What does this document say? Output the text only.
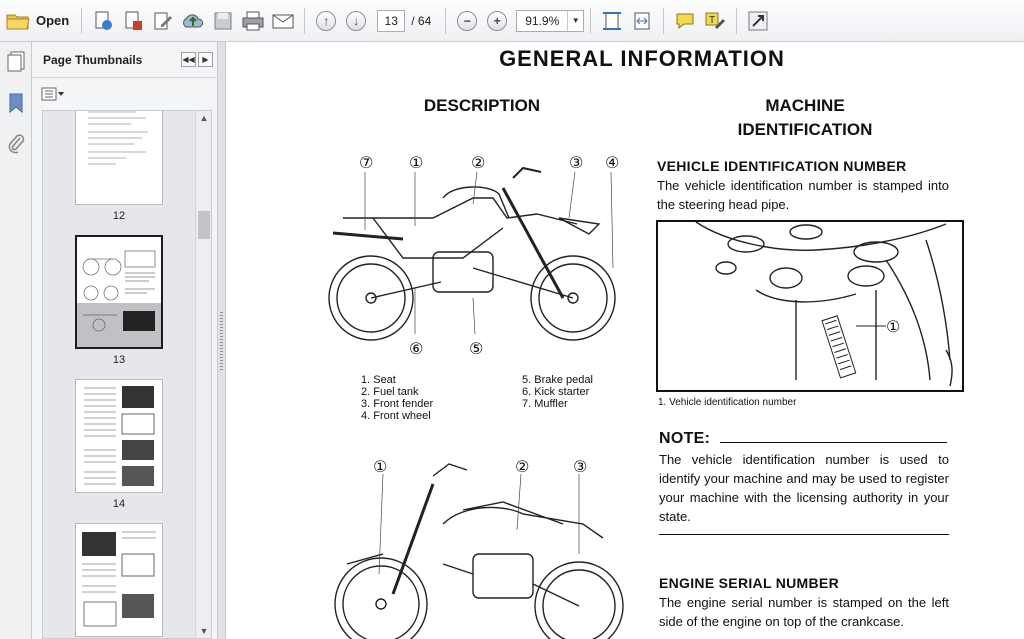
Open	↑	↓	13	/ 64	−	+	91.9%	▼	T
Page Thumbnails	◀◀ ▶
12
13
14
▲
▼
GENERAL INFORMATION
DESCRIPTION	MACHINE
IDENTIFICATION
⑦ ①	②	③ ④
⑥	⑤
1. Seat
2. Fuel tank
3. Front fender
4. Front wheel
5. Brake pedal
6. Kick starter
7. Muffler
①	②	③
VEHICLE IDENTIFICATION NUMBER
The vehicle identification number is stamped into the steering head pipe.
①
1. Vehicle identification number
NOTE:
The vehicle identification number is used to identify your machine and may be used to register your machine with the licensing authority in your state.
ENGINE SERIAL NUMBER
The engine serial number is stamped on the left side of the engine on top of the crankcase.
